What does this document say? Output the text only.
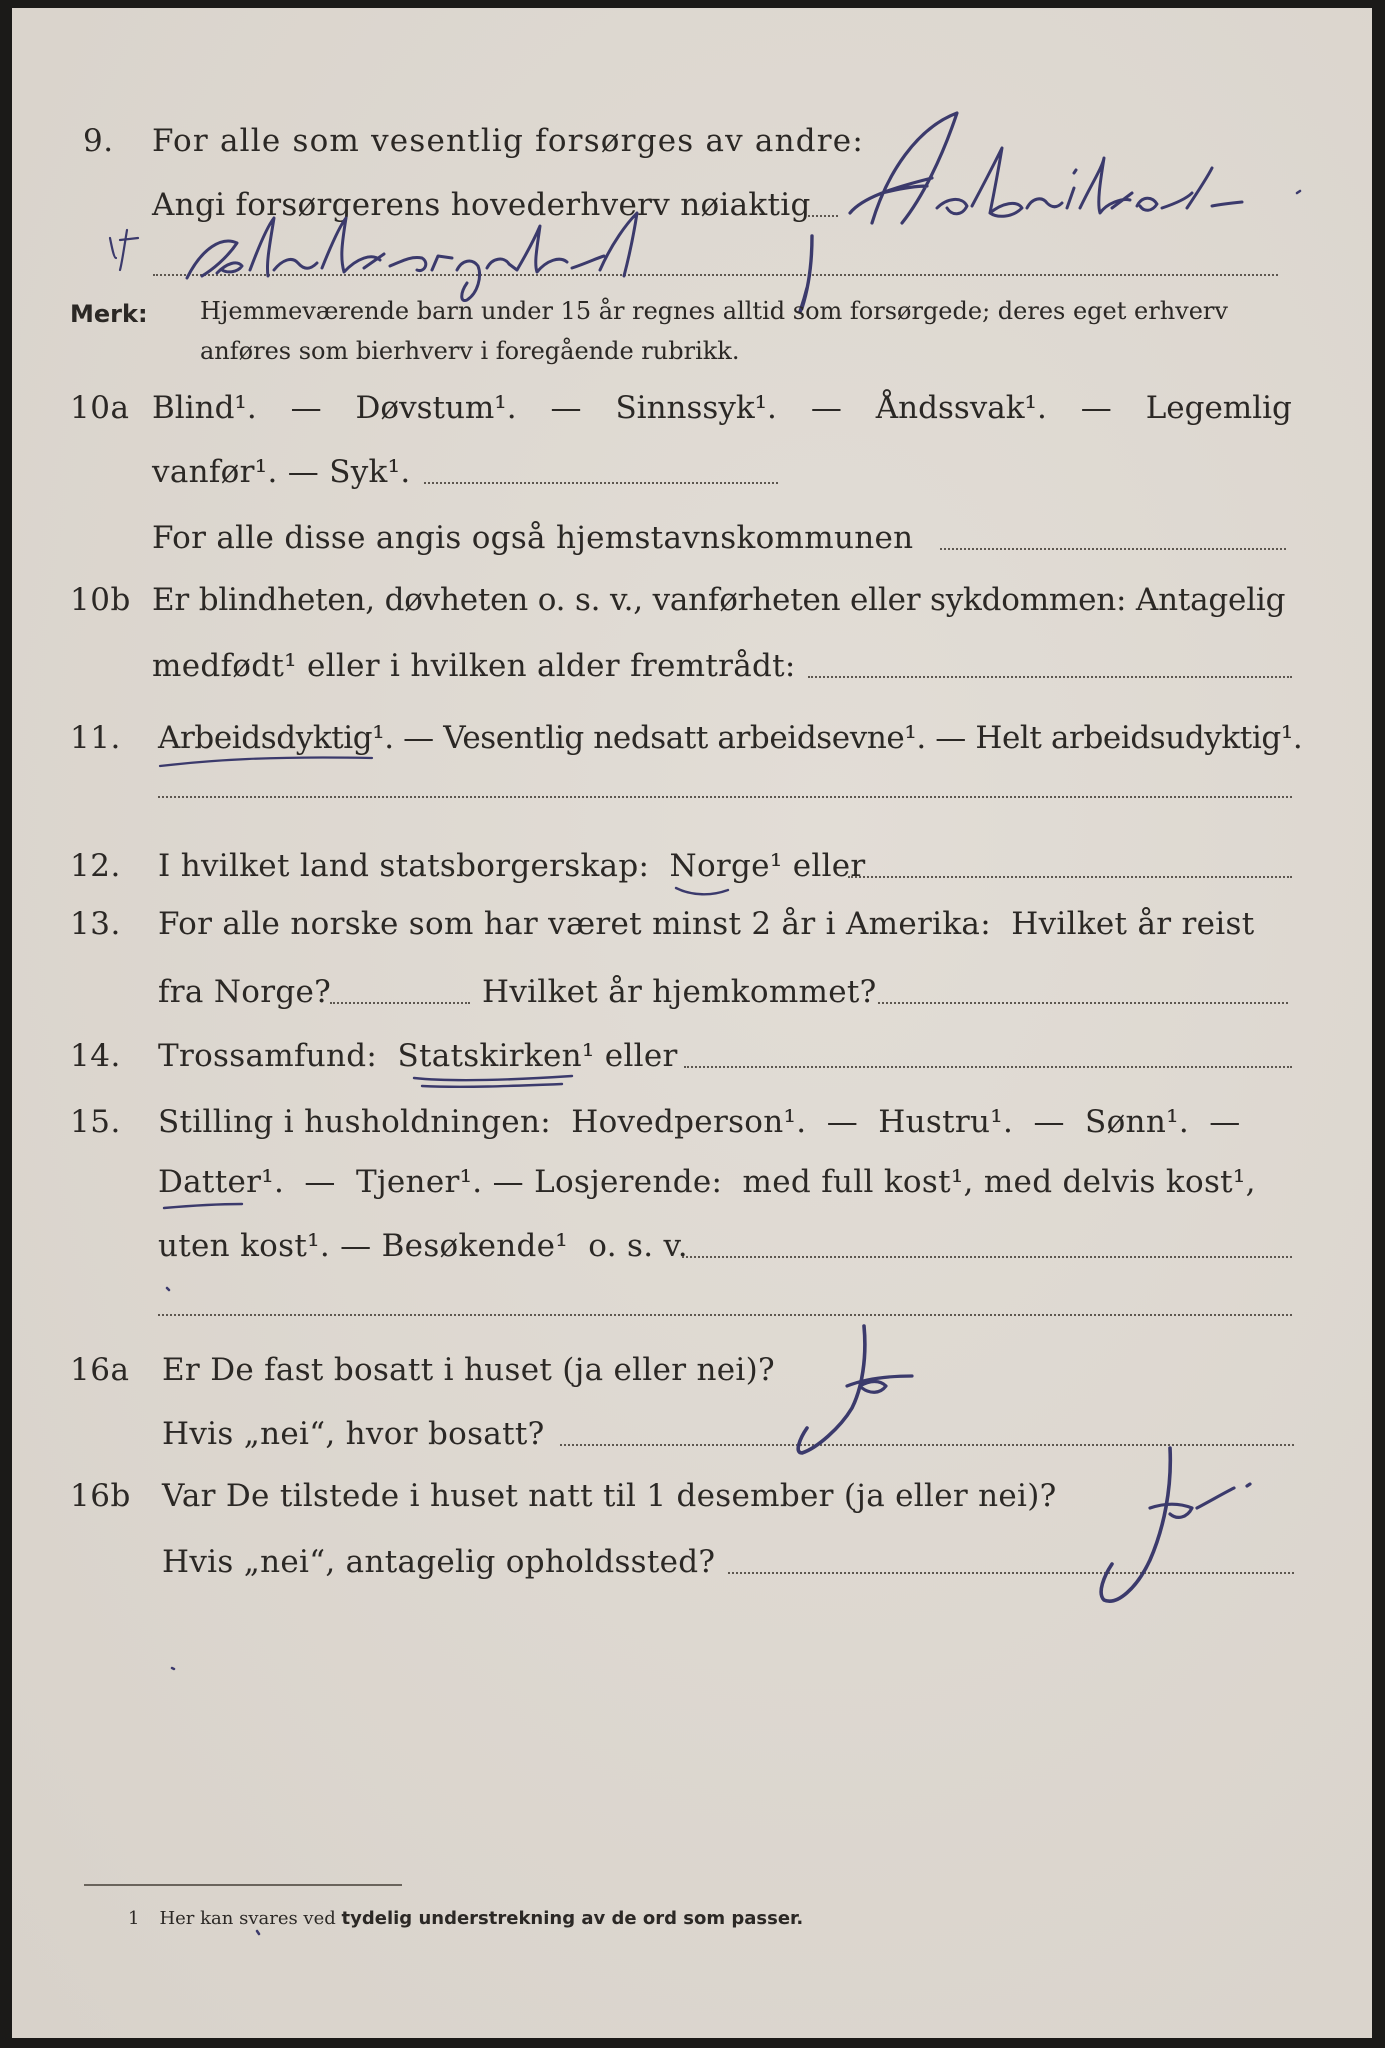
9. For alle som vesentlig forsørges av andre:
Angi forsørgerens hovederhverv nøiaktig
Merk: Hjemmeværende barn under 15 år regnes alltid som forsørgede; deres eget erhverv
anføres som bierhverv i foregående rubrikk.
10a Blind¹. — Døvstum¹. — Sinnssyk¹. — Åndssvak¹. — Legemlig
vanfør¹. — Syk¹.
For alle disse angis også hjemstavnskommunen
10b Er blindheten, døvheten o. s. v., vanførheten eller sykdommen: Antagelig
medfødt¹ eller i hvilken alder fremtrådt:
11. Arbeidsdyktig¹. — Vesentlig nedsatt arbeidsevne¹. — Helt arbeidsudyktig¹.
12. I hvilket land statsborgerskap:  Norge¹ eller
13. For alle norske som har været minst 2 år i Amerika:  Hvilket år reist
fra Norge?	Hvilket år hjemkommet?
14. Trossamfund:  Statskirken¹ eller
15. Stilling i husholdningen:  Hovedperson¹.  —  Hustru¹.  —  Sønn¹.  —
Datter¹.  —  Tjener¹. — Losjerende:  med full kost¹, med delvis kost¹,
uten kost¹. — Besøkende¹  o. s. v.
16a Er De fast bosatt i huset (ja eller nei)?
Hvis „nei“, hvor bosatt?
16b Var De tilstede i huset natt til 1 desember (ja eller nei)?
Hvis „nei“, antagelig opholdssted?
1 Her kan svares ved tydelig understrekning av de ord som passer.
